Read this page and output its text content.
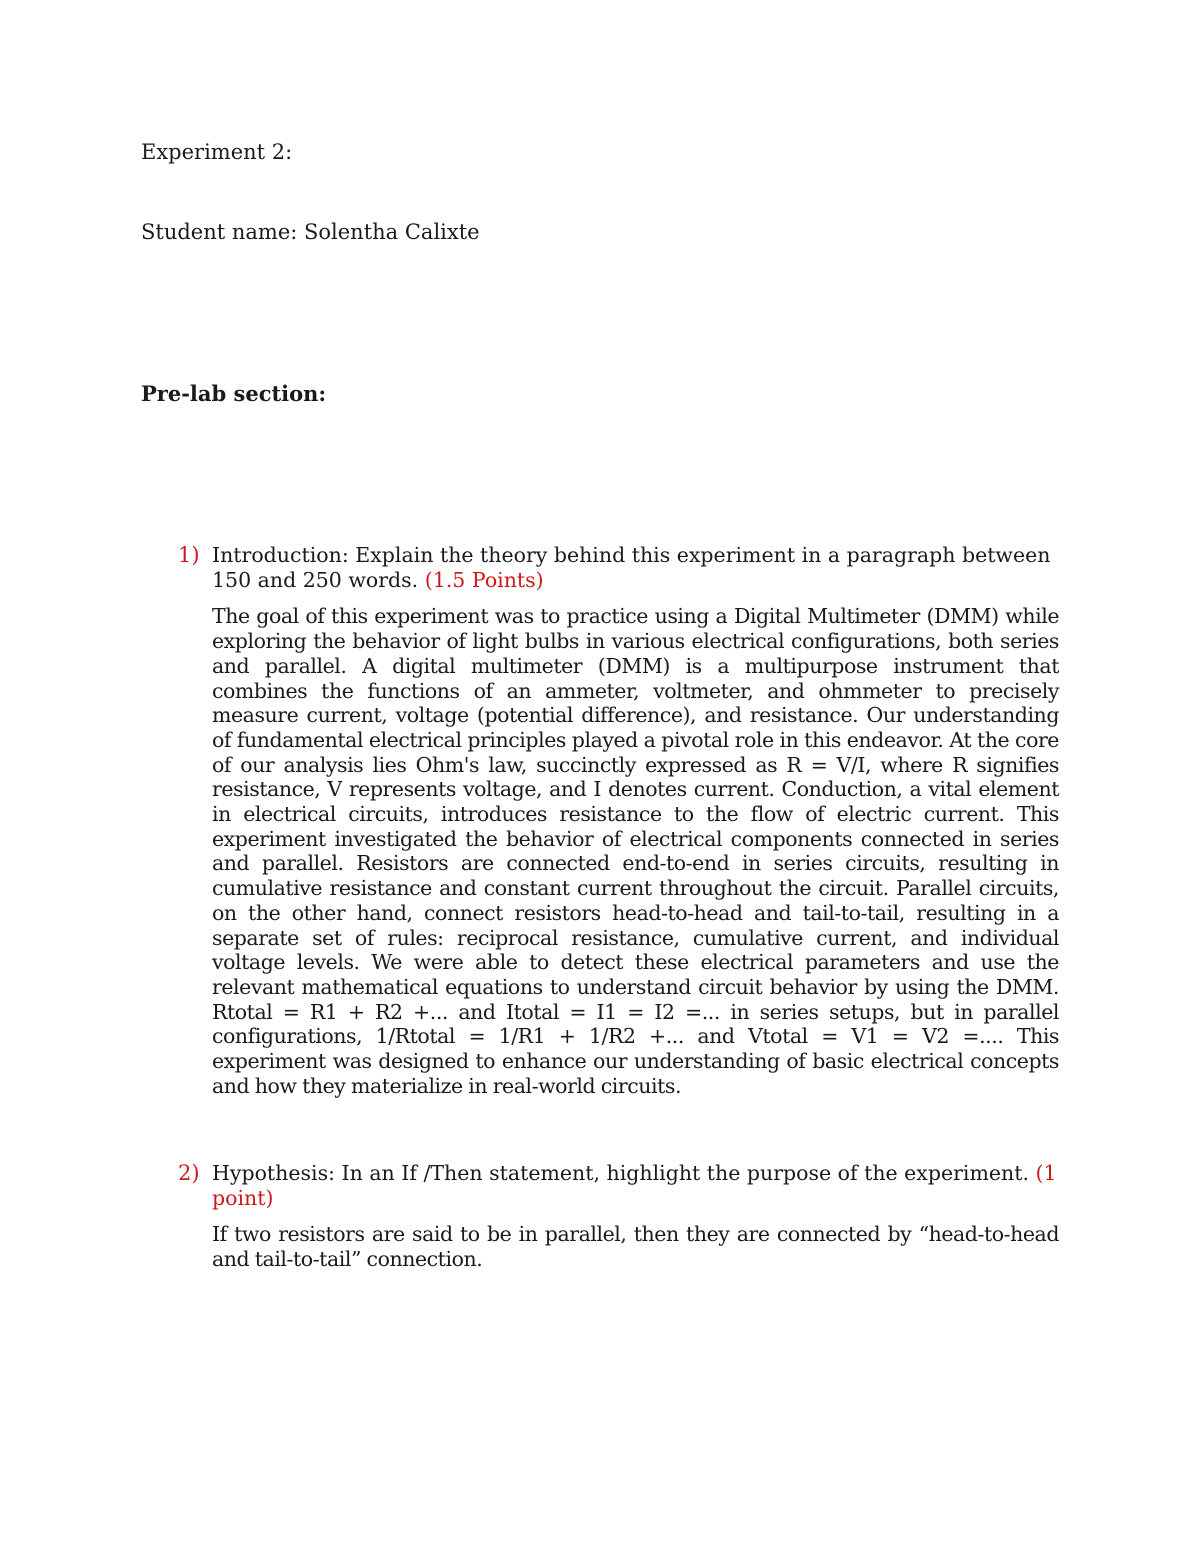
Experiment 2:
Student name: Solentha Calixte
Pre-lab section:
1) Introduction: Explain the theory behind this experiment in a paragraph between 150 and 250 words. (1.5 Points)

The goal of this experiment was to practice using a Digital Multimeter (DMM) while exploring the behavior of light bulbs in various electrical configurations, both series and parallel. A digital multimeter (DMM) is a multipurpose instrument that combines the functions of an ammeter, voltmeter, and ohmmeter to precisely measure current, voltage (potential difference), and resistance. Our understanding of fundamental electrical principles played a pivotal role in this endeavor. At the core of our analysis lies Ohm's law, succinctly expressed as R = V/I, where R signifies resistance, V represents voltage, and I denotes current. Conduction, a vital element in electrical circuits, introduces resistance to the flow of electric current. This experiment investigated the behavior of electrical components connected in series and parallel. Resistors are connected end-to-end in series circuits, resulting in cumulative resistance and constant current throughout the circuit. Parallel circuits, on the other hand, connect resistors head-to-head and tail-to-tail, resulting in a separate set of rules: reciprocal resistance, cumulative current, and individual voltage levels. We were able to detect these electrical parameters and use the relevant mathematical equations to understand circuit behavior by using the DMM. Rtotal = R1 + R2 +... and Itotal = I1 = I2 =... in series setups, but in parallel configurations, 1/Rtotal = 1/R1 + 1/R2 +... and Vtotal = V1 = V2 =.... This experiment was designed to enhance our understanding of basic electrical concepts and how they materialize in real-world circuits.

2) Hypothesis: In an If /Then statement, highlight the purpose of the experiment. (1 point)

If two resistors are said to be in parallel, then they are connected by “head-to-head and tail-to-tail” connection.
